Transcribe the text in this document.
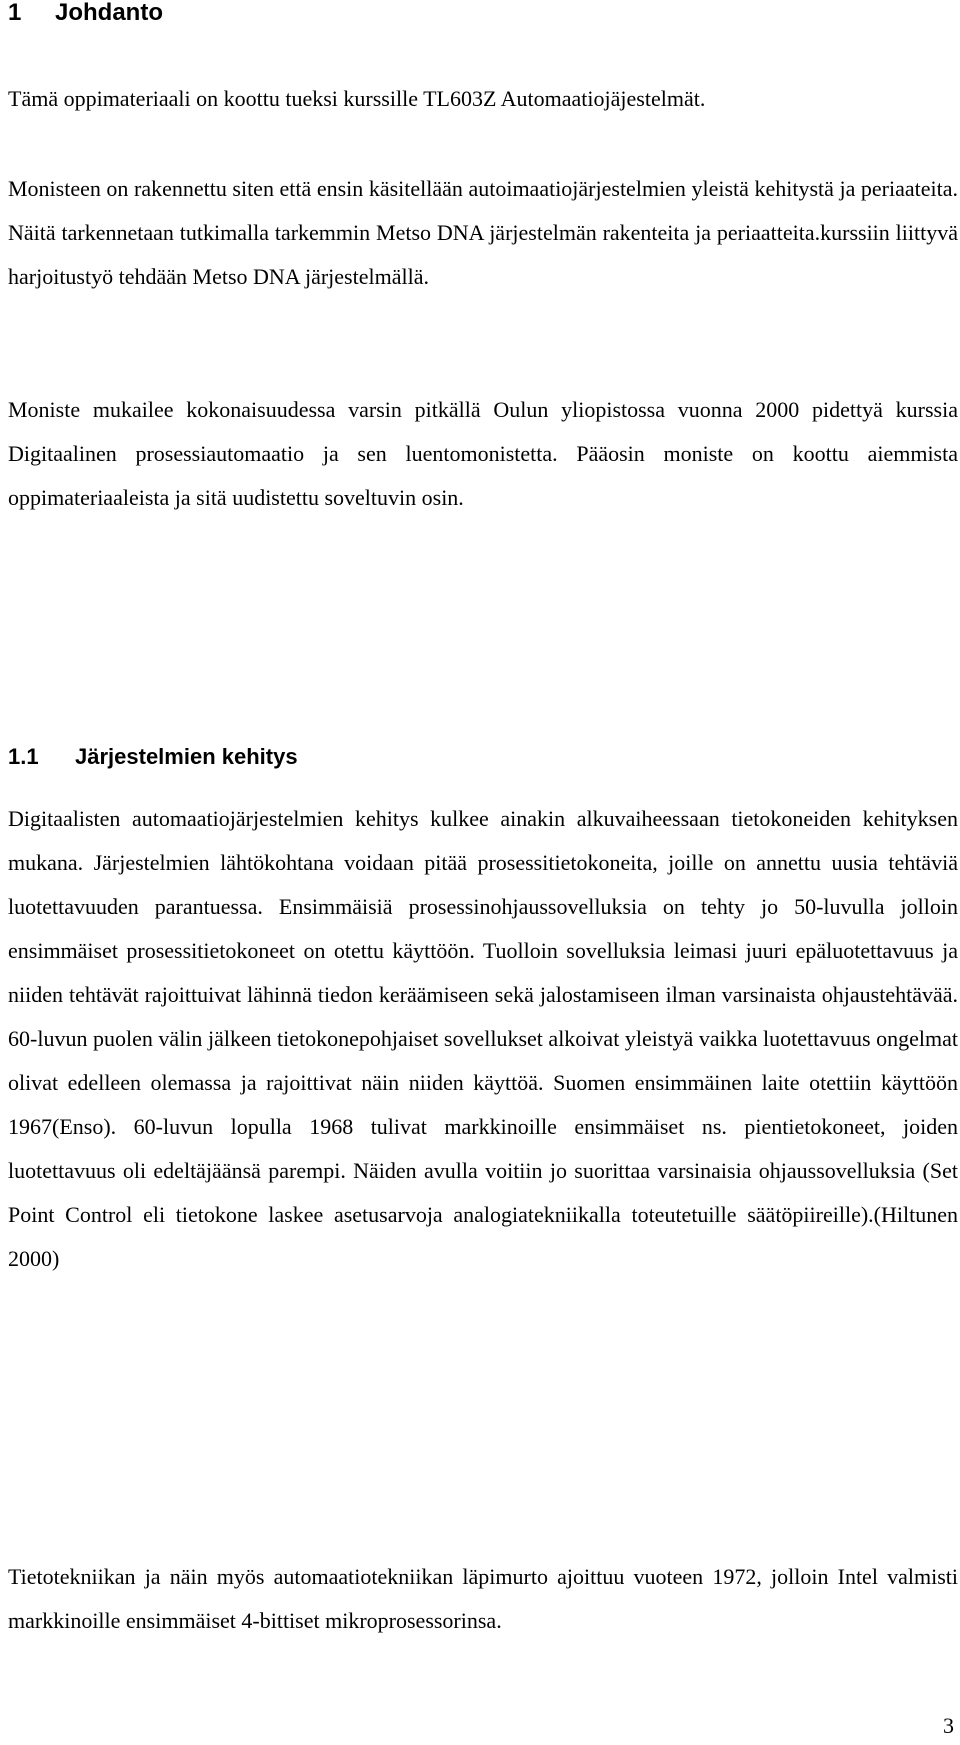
1 Johdanto
Tämä oppimateriaali on koottu tueksi kurssille TL603Z Automaatiojäjestelmät.
Monisteen on rakennettu siten että ensin käsitellään autoimaatiojärjestelmien yleistä kehitystä ja periaateita. Näitä tarkennetaan tutkimalla tarkemmin Metso DNA järjestelmän rakenteita ja periaatteita.kurssiin liittyvä harjoitustyö tehdään Metso DNA järjestelmällä.
Moniste mukailee kokonaisuudessa varsin pitkällä Oulun yliopistossa vuonna 2000 pidettyä kurssia Digitaalinen prosessiautomaatio ja sen luentomonistetta. Pääosin moniste on koottu aiemmista oppimateriaaleista ja sitä uudistettu soveltuvin osin.
1.1 Järjestelmien kehitys
Digitaalisten automaatiojärjestelmien kehitys kulkee ainakin alkuvaiheessaan tietokoneiden kehityksen mukana. Järjestelmien lähtökohtana voidaan pitää prosessitietokoneita, joille on annettu uusia tehtäviä luotettavuuden parantuessa. Ensimmäisiä prosessinohjaussovelluksia on tehty jo 50-luvulla jolloin ensimmäiset prosessitietokoneet on otettu käyttöön. Tuolloin sovelluksia leimasi juuri epäluotettavuus ja niiden tehtävät rajoittuivat lähinnä tiedon keräämiseen sekä jalostamiseen ilman varsinaista ohjaustehtävää. 60-luvun puolen välin jälkeen tietokonepohjaiset sovellukset alkoivat yleistyä vaikka luotettavuus ongelmat olivat edelleen olemassa ja rajoittivat näin niiden käyttöä. Suomen ensimmäinen laite otettiin käyttöön 1967(Enso). 60-luvun lopulla 1968 tulivat markkinoille ensimmäiset ns. pientietokoneet, joiden luotettavuus oli edeltäjäänsä parempi. Näiden avulla voitiin jo suorittaa varsinaisia ohjaussovelluksia (Set Point Control eli tietokone laskee asetusarvoja analogiatekniikalla toteutetuille säätöpiireille).(Hiltunen 2000)
Tietotekniikan ja näin myös automaatiotekniikan läpimurto ajoittuu vuoteen 1972, jolloin Intel valmisti markkinoille ensimmäiset 4-bittiset mikroprosessorinsa.
3
